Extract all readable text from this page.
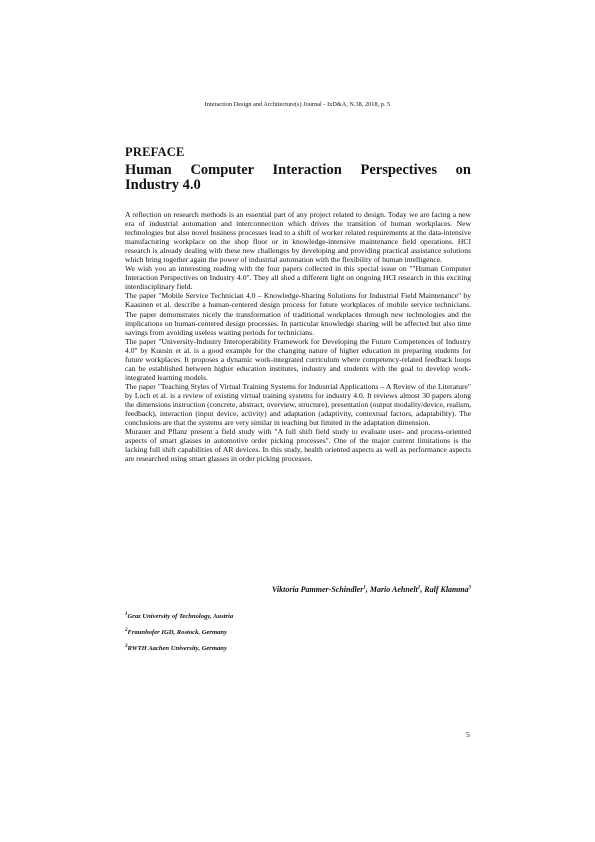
Interaction Design and Architecture(s) Journal - IxD&A, N.38, 2018, p. 5
PREFACE
Human Computer Interaction Perspectives on
Industry 4.0

A reflection on research methods is an essential part of any project related to design. Today we are facing a new era of industrial automation and interconnection which drives the transition of human workplaces. New technologies but also novel business processes lead to a shift of worker related requirements at the data-intensive manufacturing workplace on the shop floor or in knowledge-intensive maintenance field operations. HCI research is already dealing with these new challenges by developing and providing practical assistance solutions which bring together again the power of industrial automation with the flexibility of human intelligence.

We wish you an interesting reading with the four papers collected in this special issue on ""Human Computer Interaction Perspectives on Industry 4.0". They all shed a different light on ongoing HCI research in this exciting interdisciplinary field.

The paper "Mobile Service Technician 4.0 – Knowledge-Sharing Solutions for Industrial Field Maintenance" by Kaasinen et al. describe a human-centered design process for future workplaces of mobile service technicians. The paper demonstrates nicely the transformation of traditional workplaces through new technologies and the implications on human-centered design processes. In particular knowledge sharing will be affected but also time savings from avoiding useless waiting periods for technicians.

The paper "University-Industry Interoperability Framework for Developing the Future Competences of Industry 4.0" by Kuusin et al. is a good example for the changing nature of higher education in preparing students for future workplaces. It proposes a dynamic work-integrated curriculum where competency-related feedback loops can be established between higher education institutes, industry and students with the goal to develop work-integrated learning models.

The paper "Teaching Styles of Virtual Training Systems for Industrial Applications – A Review of the Literature" by Loch et al. is a review of existing virtual training systems for industry 4.0. It reviews almost 30 papers along the dimensions instruction (concrete, abstract, overview, structure), presentation (output modality/device, realism, feedback), interaction (input device, activity) and adaptation (adaptivity, contextual factors, adaptability). The conclusions are that the systems are very similar in teaching but limited in the adaptation dimension.

Murauer and Pflanz present a field study with "A full shift field study to evaluate user- and process-oriented aspects of smart glasses in automotive order picking processes". One of the major current limitations is the lacking full shift capabilities of AR devices. In this study, health oriented aspects as well as performance aspects are researched using smart glasses in order picking processes.

Viktoria Pammer-Schindler$^1$, Mario Aehnelt$^2$, Ralf Klamma$^3$
$^1$Graz University of Technology, Austria
$^2$Fraunhofer IGD, Rostock, Germany
$^3$RWTH Aachen University, Germany
5
